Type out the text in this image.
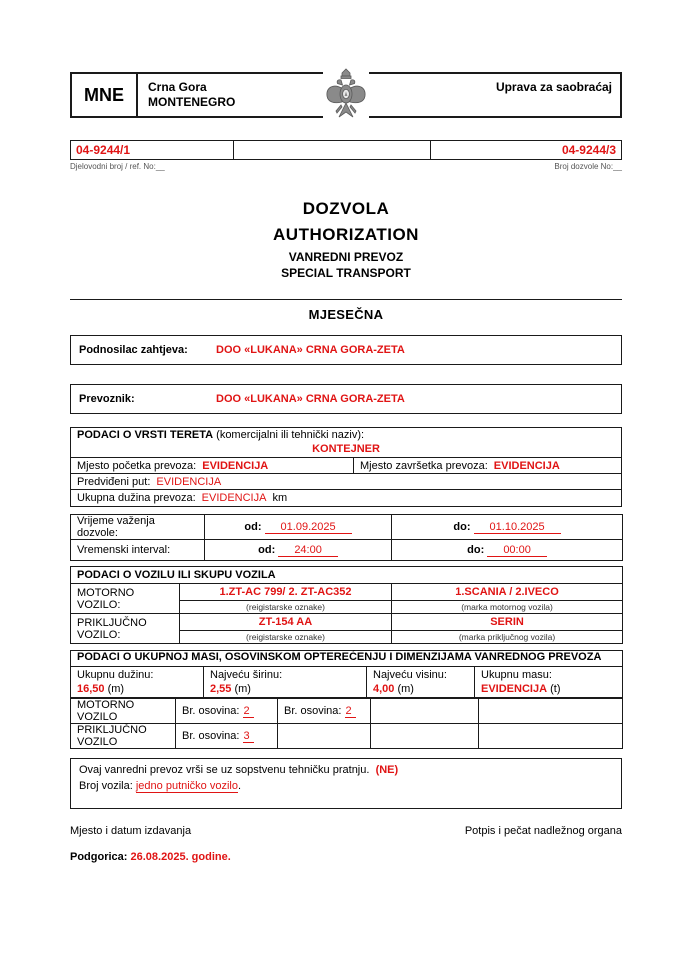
MNE	Crna Gora
MONTENEGRO
Uprava za saobraćaj
04-9244/1	04-9244/3
Djelovodni broj / ref. No:__	Broj dozvole No:__
DOZVOLA
AUTHORIZATION
VANREDNI PREVOZ
SPECIAL TRANSPORT
MJESEČNA
Podnosilac zahtjeva:	DOO «LUKANA» CRNA GORA-ZETA
Prevoznik:	DOO «LUKANA» CRNA GORA-ZETA
PODACI O VRSTI TERETA (komercijalni ili tehnički naziv):
KONTEJNER
Mjesto početka prevoza: EVIDENCIJA	Mjesto završetka prevoza: EVIDENCIJA
Predviđeni put: EVIDENCIJA
Ukupna dužina prevoza: EVIDENCIJA km
Vrijeme važenja dozvole:	od: 01.09.2025	do: 01.10.2025
Vremenski interval:	od: 24:00	do: 00:00
PODACI O VOZILU ILI SKUPU VOZILA		
MOTORNO VOZILO:	1.ZT-AC 799/ 2. ZT-AC352	1.SCANIA / 2.IVECO
	(reigistarske oznake)	(marka motornog vozila)
PRIKLJUČNO VOZILO:	ZT-154 AA	SERIN
	(reigistarske oznake)	(marka priključnog vozila)
PODACI O UKUPNOJ MASI, OSOVINSKOM OPTEREĆENJU I DIMENZIJAMA VANREDNOG PREVOZA

Ukupnu dužinu:
16,50 (m)

Najveću širinu:
2,55 (m)

Najveću visinu:
4,00 (m)

Ukupnu masu:
EVIDENCIJA (t)
MOTORNO VOZILO	Br. osovina: 2	Br. osovina: 2		
PRIKLJUČNO VOZILO	Br. osovina: 3			
Ovaj vanredni prevoz vrši se uz sopstvenu tehničku pratnju. (NE)
Broj vozila: jedno putničko vozilo.
Mjesto i datum izdavanja	Potpis i pečat nadležnog organa
Podgorica: 26.08.2025. godine.
